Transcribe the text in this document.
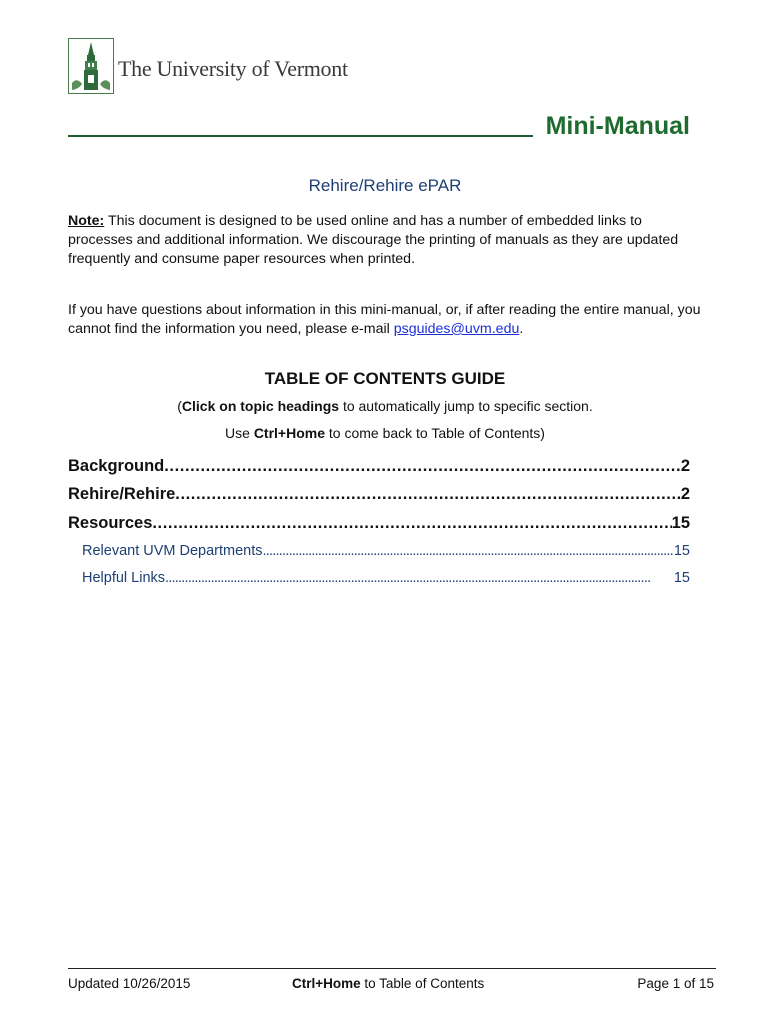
The University of Vermont
Mini-Manual
Rehire/Rehire ePAR
Note: This document is designed to be used online and has a number of embedded links to processes and additional information. We discourage the printing of manuals as they are updated frequently and consume paper resources when printed.
If you have questions about information in this mini-manual, or, if after reading the entire manual, you cannot find the information you need, please e-mail psguides@uvm.edu.
TABLE OF CONTENTS GUIDE
(Click on topic headings to automatically jump to specific section.
Use Ctrl+Home to come back to Table of Contents)
Background . . .	2
Rehire/Rehire . . .	2
Resources . . .	15
Relevant UVM Departments . . .	15
Helpful Links . . .	15
Updated 10/26/2015	Ctrl+Home to Table of Contents	Page 1 of 15
